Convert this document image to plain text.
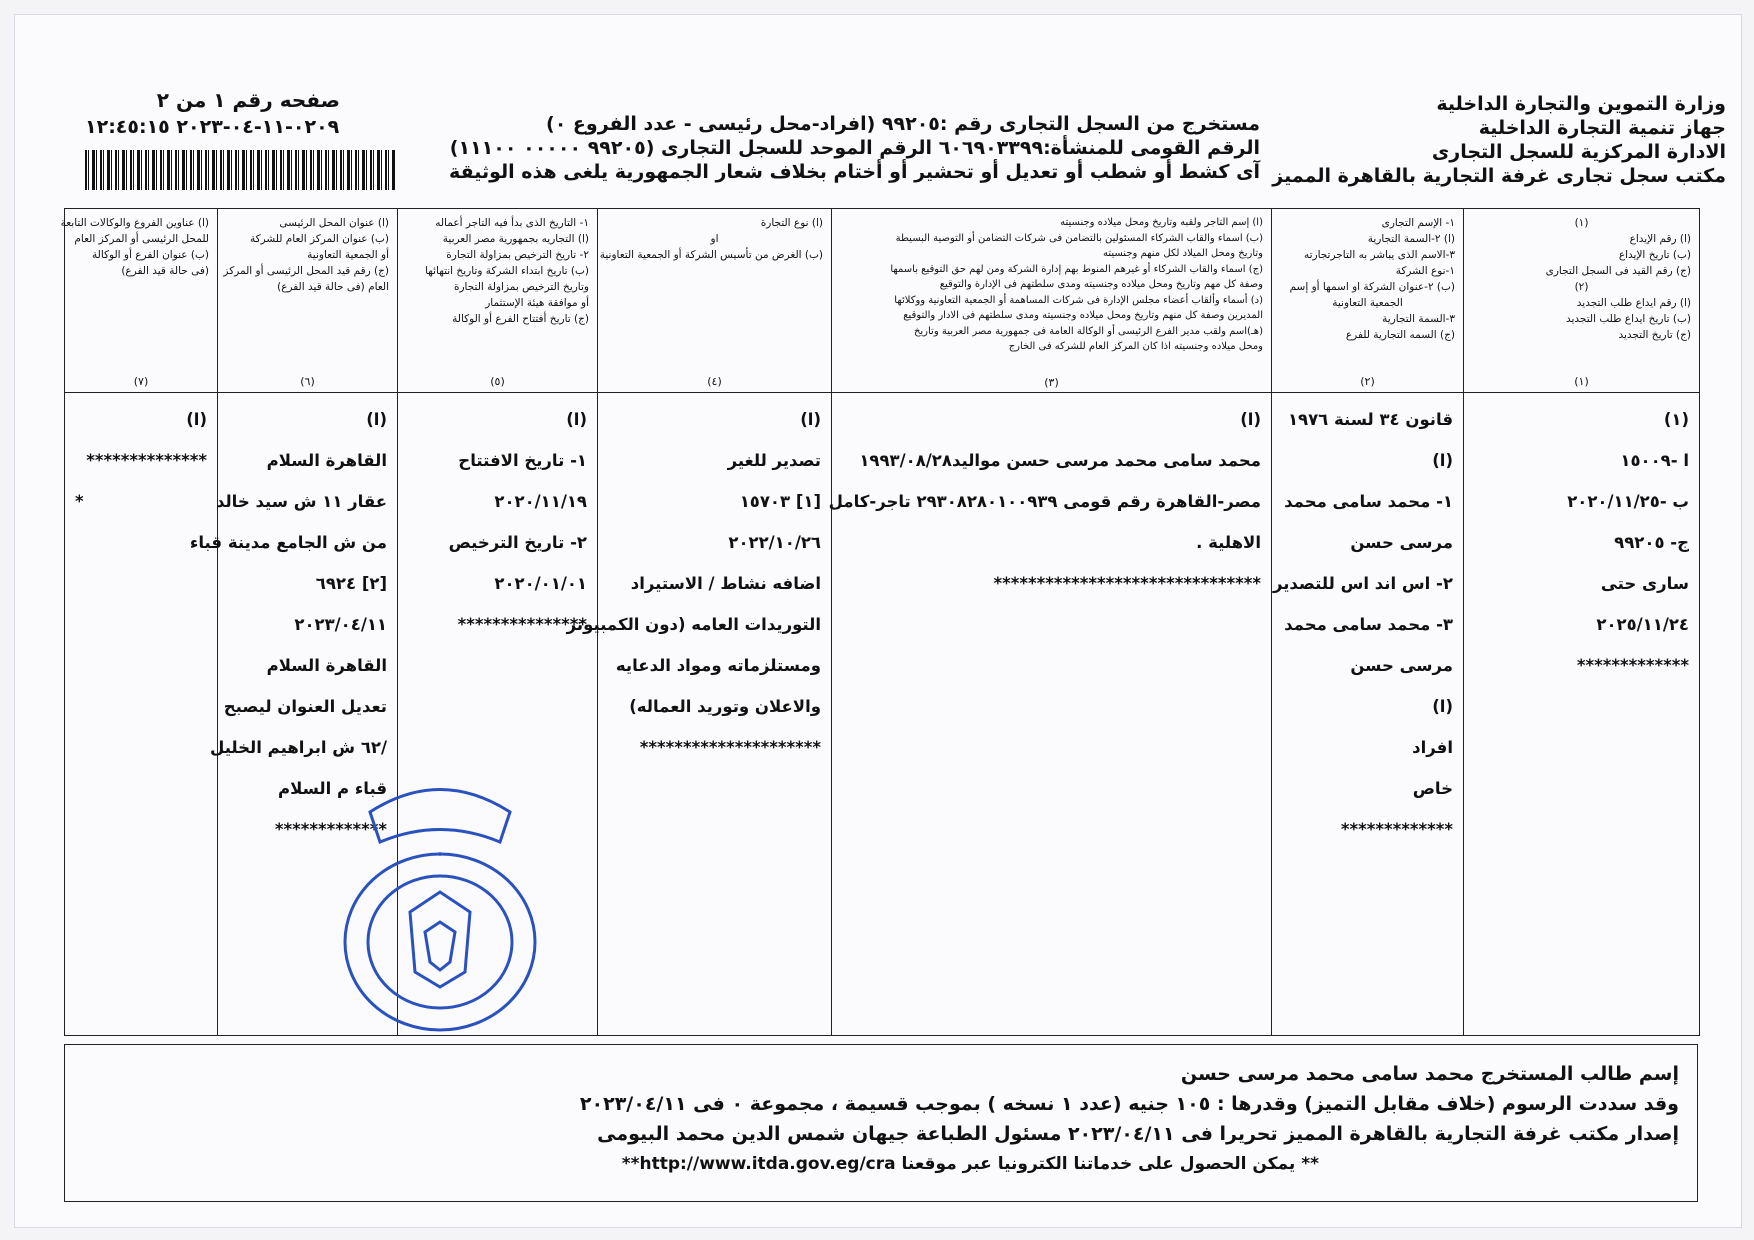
وزارة التموين والتجارة الداخلية
جهاز تنمية التجارة الداخلية
الادارة المركزية للسجل التجارى
مكتب سجل تجارى غرفة التجارية بالقاهرة المميز
مستخرج من السجل التجارى رقم :٩٩٢٠٥ (افراد-محل رئيسى - عدد الفروع ٠)
الرقم القومى للمنشأة:٦٠٦٩٠٣٣٩٩ الرقم الموحد للسجل التجارى (٩٩٢٠٥ ٠٠٠٠٠ ١١١٠٠)
آى كشط أو شطب أو تعديل أو تحشير أو أختام بخلاف شعار الجمهورية يلغى هذه الوثيقة
صفحه رقم ١ من ٢
٠٢٠٩-١١-٠٤-٢٠٢٣ ١٢:٤٥:١٥
(١)
(ا) رقم الإيداع
(ب) تاريخ الإيداع
(ج) رقم القيد فى السجل التجارى
(٢)
(ا) رقم ايداع طلب التجديد
(ب) تاريخ ايداع طلب التجديد
(ج) تاريخ التجديد
(١)
(١)
ا -١٥٠٠٩
ب -٢٠٢٠/١١/٢٥
ج- ٩٩٢٠٥
سارى حتى
٢٠٢٥/١١/٢٤
*************
١- الإسم التجارى
(ا) ٢-السمة التجارية
٣-الاسم الذى يباشر به التاجرتجارته
١-نوع الشركة
(ب) ٢-عنوان الشركة او اسمها أو إسم
الجمعية التعاونية
٣-السمة التجارية
(ج) السمه التجارية للفرع
(٢)
قانون ٣٤ لسنة ١٩٧٦
(ا)
١- محمد سامى محمد
مرسى حسن
٢- اس اند اس للتصدير
٣- محمد سامى محمد
مرسى حسن
(ا)
افراد
خاص
*************
(ا) إسم التاجر ولقبه وتاريخ ومحل ميلاده وجنسيته
(ب) اسماء والقاب الشركاء المسئولين بالتضامن فى شركات التضامن أو التوصية البسيطة
وتاريخ ومحل الميلاد لكل منهم وجنسيته
(ج) اسماء والقاب الشركاء أو غيرهم المنوط بهم إدارة الشركة ومن لهم حق التوقيع باسمها
وصفة كل مهم وتاريخ ومحل ميلاده وجنسيته ومدى سلطتهم فى الإدارة والتوقيع
(د) أسماء وألقاب أعضاء مجلس الإدارة فى شركات المساهمة أو الجمعية التعاونية ووكلائها
المديرين وصفة كل منهم وتاريخ ومحل ميلاده وجنسيته ومدى سلطتهم فى الادار والتوقيع
(هـ)اسم ولقب مدير الفرع الرئيسى أو الوكالة العامة فى جمهورية مصر العربية وتاريخ
ومحل ميلاده وجنسيته اذا كان المركز العام للشركه فى الخارج
(٣)
(ا)
محمد سامى محمد مرسى حسن مواليد١٩٩٣/٠٨/٢٨
مصر-القاهرة رقم قومى ٢٩٣٠٨٢٨٠١٠٠٩٣٩ تاجر-كامل
الاهلية .
*******************************
(ا) نوع التجارة
او
(ب) الغرض من تأسيس الشركة أو الجمعية التعاونية
(٤)
(ا)
تصدير للغير
[١] ١٥٧٠٣
٢٠٢٢/١٠/٢٦
اضافه نشاط / الاستيراد
التوريدات العامه (دون الكمبيوتر
ومستلزماته ومواد الدعايه
والاعلان وتوريد العماله)
*********************
١- التاريخ الذى بدأ فيه التاجر أعماله
(ا) التجاريه بجمهورية مصر العربية
٢- تاريخ الترخيص بمزاولة التجارة
(ب) تاريخ ابتداء الشركة وتاريخ انتهائها
وتاريخ الترخيص بمزاولة التجارة
أو موافقة هيئة الإستثمار
(ج) تاريخ أفتتاح الفرع أو الوكالة
(٥)
(ا)
١- تاريخ الافتتاح
٢٠٢٠/١١/١٩
٢- تاريخ الترخيص
٢٠٢٠/٠١/٠١
***************
(ا) عنوان المحل الرئيسى
(ب) عنوان المركز العام للشركة
أو الجمعية التعاونية
(ج) رقم قيد المحل الرئيسى أو المركز
العام (فى حالة قيد الفرع)
(٦)
(ا)
القاهرة السلام
عقار ١١ ش سيد خالد
من ش الجامع مدينة قباء
[٢] ٦٩٢٤
٢٠٢٣/٠٤/١١
القاهرة السلام
تعديل العنوان ليصبح
/٦٢ ش ابراهيم الخليل
قباء م السلام
*************
(ا) عناوين الفروع والوكالات التابعة
للمحل الرئيسى أو المركز العام
(ب) عنوان الفرع أو الوكالة
(فى حالة قيد الفرع)
(٧)
(ا)
**************
*
إسم طالب المستخرج محمد سامى محمد مرسى حسن
وقد سددت الرسوم (خلاف مقابل التميز) وقدرها : ١٠٥ جنيه (عدد ١ نسخه ) بموجب قسيمة ، مجموعة ٠ فى ٢٠٢٣/٠٤/١١
إصدار مكتب غرفة التجارية بالقاهرة المميز تحريرا فى ٢٠٢٣/٠٤/١١ مسئول الطباعة جيهان شمس الدين محمد البيومى
** يمكن الحصول على خدماتنا الكترونيا عبر موقعنا http://www.itda.gov.eg/cra**
